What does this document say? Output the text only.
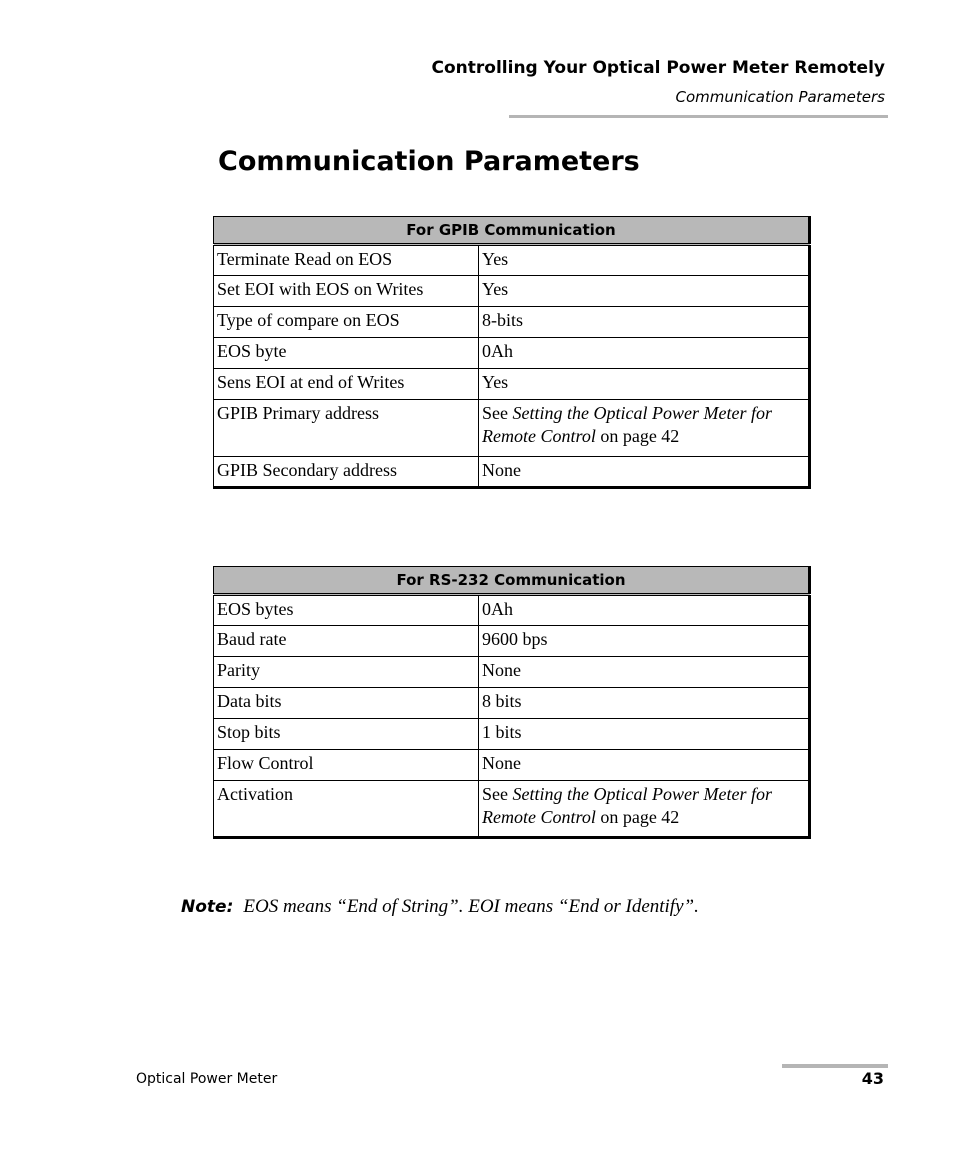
Controlling Your Optical Power Meter Remotely
Communication Parameters
Communication Parameters
For GPIB Communication	
Terminate Read on EOS	Yes
Set EOI with EOS on Writes	Yes
Type of compare on EOS	8-bits
EOS byte	0Ah
Sens EOI at end of Writes	Yes
GPIB Primary address	See Setting the Optical Power Meter for Remote Control on page 42
GPIB Secondary address	None
For RS-232 Communication	
EOS bytes	0Ah
Baud rate	9600 bps
Parity	None
Data bits	8 bits
Stop bits	1 bits
Flow Control	None
Activation	See Setting the Optical Power Meter for Remote Control on page 42
Note: EOS means “End of String”. EOI means “End or Identify”.
Optical Power Meter	43
